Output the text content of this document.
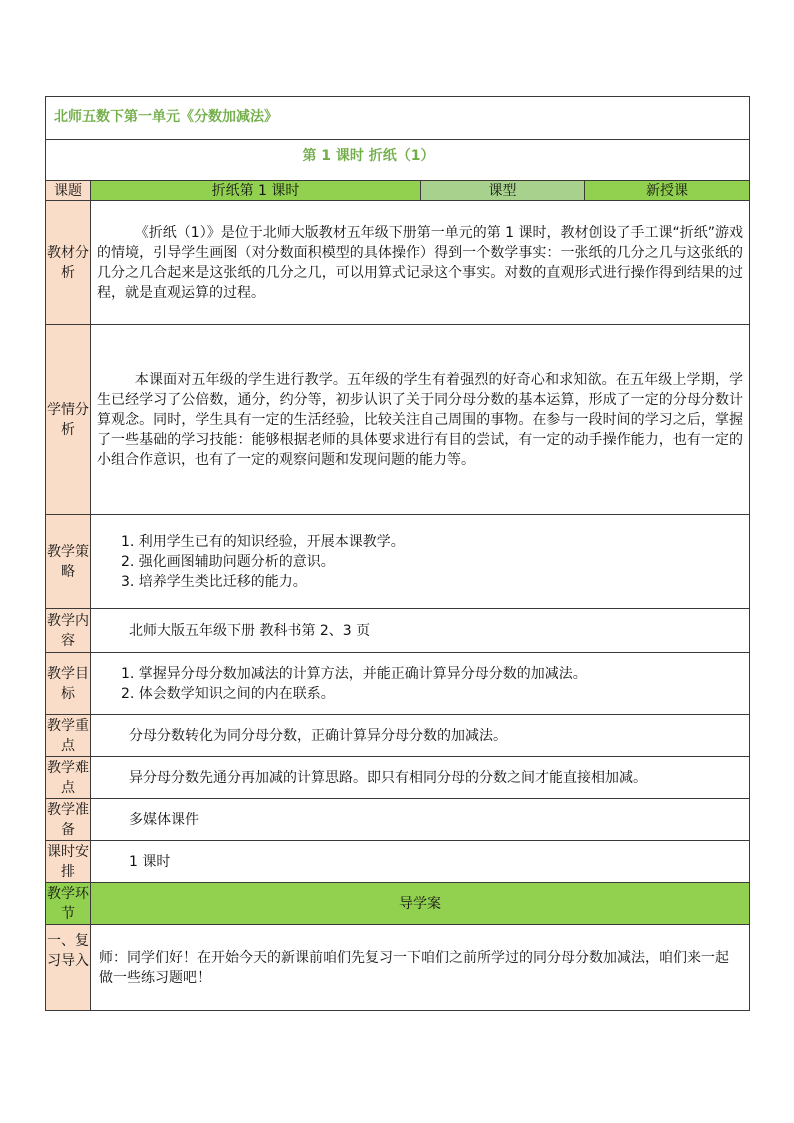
北师五数下第一单元《分数加减法》			
第 1 课时 折纸（1）			
课题	折纸第 1 课时	课型	新授课
教材分析	《折纸（1）》是位于北师大版教材五年级下册第一单元的第 1 课时，教材创设了手工课“折纸”游戏的情境，引导学生画图（对分数面积模型的具体操作）得到一个数学事实：一张纸的几分之几与这张纸的几分之几合起来是这张纸的几分之几，可以用算式记录这个事实。对数的直观形式进行操作得到结果的过程，就是直观运算的过程。		
学情分析	本课面对五年级的学生进行教学。五年级的学生有着强烈的好奇心和求知欲。在五年级上学期，学生已经学习了公倍数，通分，约分等，初步认识了关于同分母分数的基本运算，形成了一定的分母分数计算观念。同时，学生具有一定的生活经验，比较关注自己周围的事物。在参与一段时间的学习之后，掌握了一些基础的学习技能：能够根据老师的具体要求进行有目的尝试，有一定的动手操作能力，也有一定的小组合作意识，也有了一定的观察问题和发现问题的能力等。		
教学策略	1. 利用学生已有的知识经验，开展本课教学。
2. 强化画图辅助问题分析的意识。
3. 培养学生类比迁移的能力。		

教学内容	北师大版五年级下册 教科书第 2、3 页		
教学目标	1. 掌握异分母分数加减法的计算方法，并能正确计算异分母分数的加减法。
2. 体会数学知识之间的内在联系。		

教学重点	分母分数转化为同分母分数，正确计算异分母分数的加减法。		
教学难点	异分母分数先通分再加减的计算思路。即只有相同分母的分数之间才能直接相加减。		
教学准备	多媒体课件		
课时安排	1 课时		
教学环节	导学案		
一、复习导入	师：同学们好！在开始今天的新课前咱们先复习一下咱们之前所学过的同分母分数加减法，咱们来一起做一些练习题吧！		
